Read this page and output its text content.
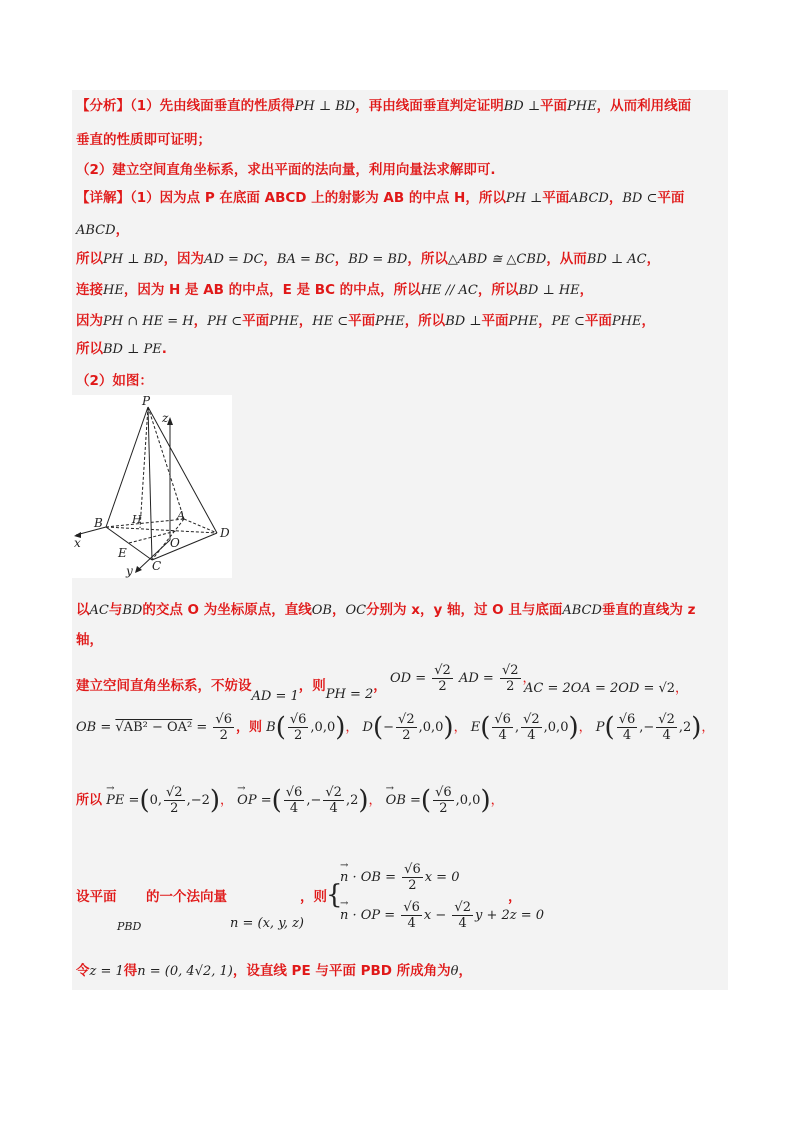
【分析】（1）先由线面垂直的性质得PH ⊥ BD，再由线面垂直判定证明BD ⊥平面PHE，从而利用线面
垂直的性质即可证明；
（2）建立空间直角坐标系，求出平面的法向量，利用向量法求解即可.
【详解】（1）因为点 P 在底面 ABCD 上的射影为 AB 的中点 H，所以PH ⊥平面ABCD，BD ⊂平面
ABCD，
所以PH ⊥ BD，因为AD = DC，BA = BC，BD = BD，所以△ABD ≅ △CBD，从而BD ⊥ AC，
连接HE，因为 H 是 AB 的中点，E 是 BC 的中点，所以HE // AC，所以BD ⊥ HE，
因为PH ∩ HE = H，PH ⊂平面PHE，HE ⊂平面PHE，所以BD ⊥平面PHE，PE ⊂平面PHE，
所以BD ⊥ PE.
（2）如图：
P
z
A
B	H
x	O
D
E
C
y
以AC与BD的交点 O 为坐标原点，直线OB，OC分别为 x，y 轴，过 O 且与底面ABCD垂直的直线为 z
轴，
建立空间直角坐标系，不妨设AD = 1，则PH = 2， OD = $\frac{√2}{2}$ AD = $\frac{√2}{2}$ ，
AC = 2OA = 2OD = √2，
OB = $√AB^2 - OA^2 = \frac{√6}{2}$ ，则 $B( \frac{√6}{2} ,0,0)$， $D(- \frac{√2}{2} ,0,0)$， $E( \frac{√6}{4}$ , $\frac{√2}{4} ,0,0$)， $P( \frac{√6}{4}$ ,− $\frac{√2}{4} ,2$)，
所以 → PE =(0, $\frac{√2}{2} ,-2$)， → OP =( $\frac{√6}{4}$ ,− $\frac{√2}{4} ,2$)， → OB =( $\frac{√6}{2} ,0,0$)，
设平面
PBD
的一个法向量
n = (x, y, z)
，则 {
→ n · OB = $\frac{√6}{2}$ x = 0
→ n · OP = $\frac{√6}{4}$ $x - \frac{√2}{4}$ y + 2z = 0
，
令z = 1得n = (0, 4√2, 1)，设直线 PE 与平面 PBD 所成角为θ，
